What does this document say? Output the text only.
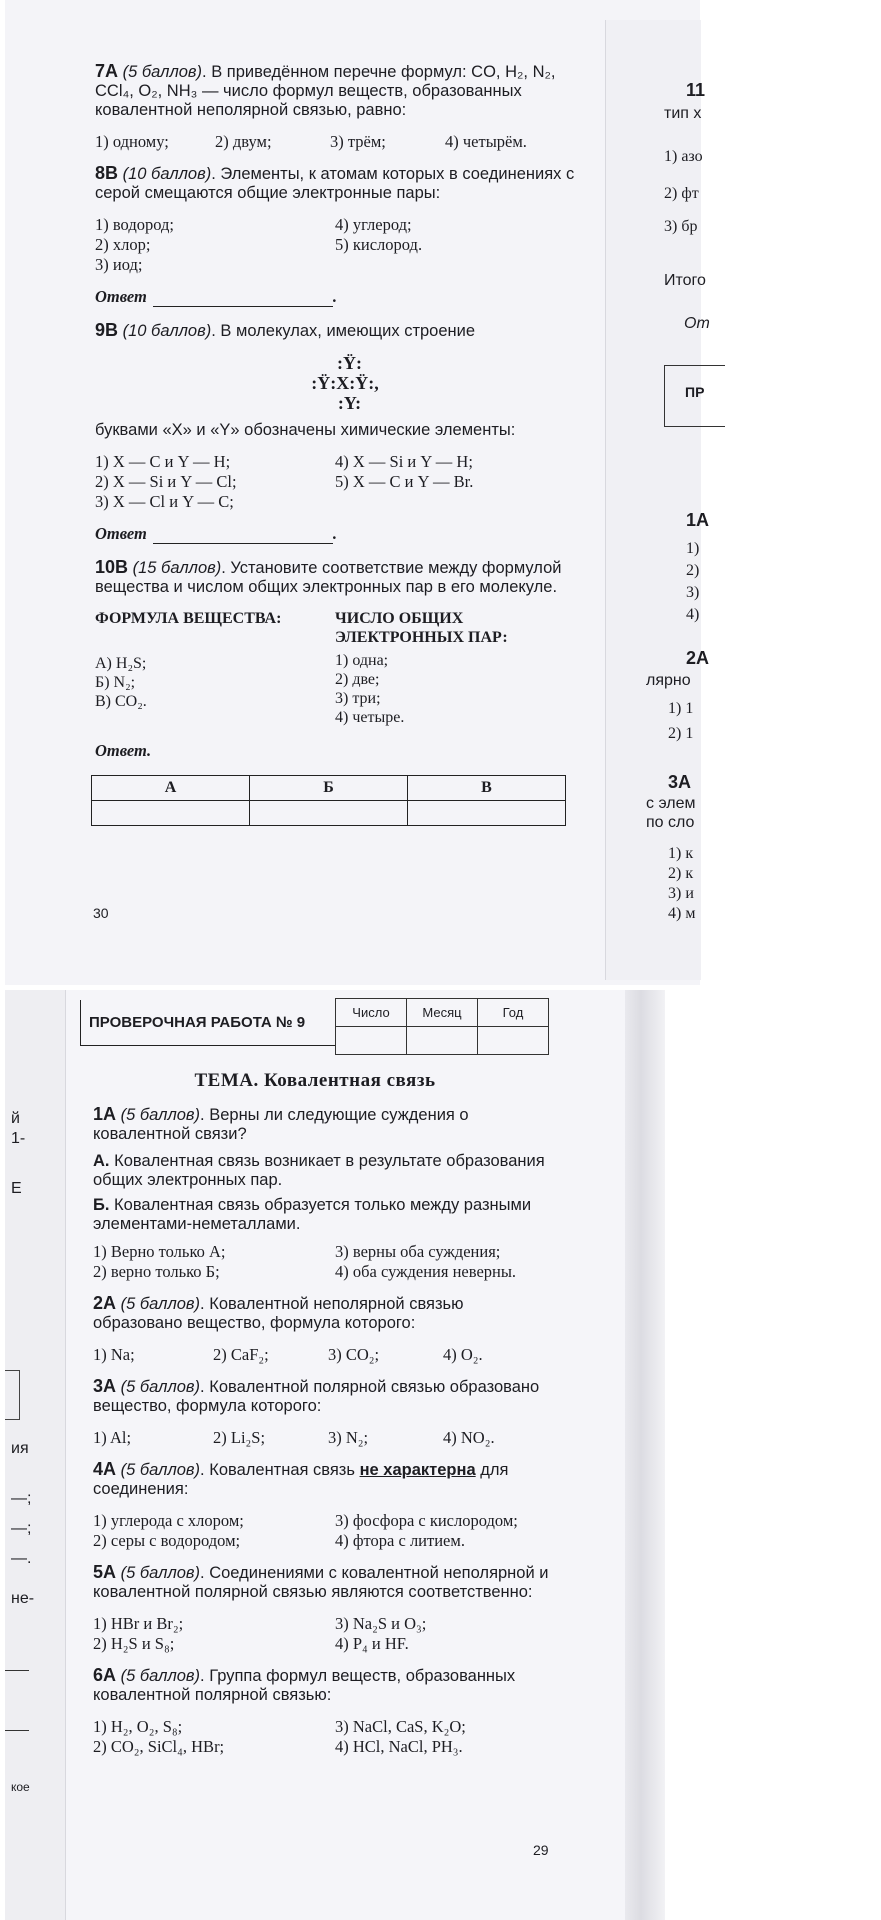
7A (5 баллов). В приведённом перечне формул: CO, H₂, N₂, CCl₄, O₂, NH₃ — число формул веществ, образованных ковалентной неполярной связью, равно:
1) одному;	2) двум;	3) трём;	4) четырём.
8B (10 баллов). Элементы, к атомам которых в соединениях с серой смещаются общие электронные пары:
1) водород;
2) хлор;
3) иод;
4) углерод;
5) кислород.
Ответ	.
9B (10 баллов). В молекулах, имеющих строение
:Ÿ:
:Ÿ:X:Ÿ:,
:Y:
буквами «X» и «Y» обозначены химические элементы:
1) X — C и Y — H;
2) X — Si и Y — Cl;
3) X — Cl и Y — C;
4) X — Si и Y — H;
5) X — C и Y — Br.
Ответ	.
10B (15 баллов). Установите соответствие между формулой вещества и числом общих электронных пар в его молекуле.
ФОРМУЛА ВЕЩЕСТВА:
А) H₂S;
Б) N₂;
В) CO₂.
ЧИСЛО ОБЩИХ ЭЛЕКТРОННЫХ ПАР:
1) одна;
2) две;
3) три;
4) четыре.
Ответ.
А	Б	В

30
11
тип х
1) азо
2) фт
3) бр
Итого
От
ПР
1А
1)
2)
3)
4)
2А
лярно
1) 1
2) 1
3А
с элем
по сло
1) к
2) к
3) и
4) м
й
1-
Е
ия
—;
—;
—.
не-
кое
ПРОВЕРОЧНАЯ РАБОТА № 9
Число	Месяц	Год

ТЕМА. Ковалентная связь
1A (5 баллов). Верны ли следующие суждения о ковалентной связи?
А. Ковалентная связь возникает в результате образования общих электронных пар.
Б. Ковалентная связь образуется только между разными элементами-неметаллами.
1) Верно только А;
2) верно только Б;
3) верны оба суждения;
4) оба суждения неверны.
2A (5 баллов). Ковалентной неполярной связью образовано вещество, формула которого:
1) Na;	2) CaF₂;	3) CO₂;	4) O₂.
3A (5 баллов). Ковалентной полярной связью образовано вещество, формула которого:
1) Al;	2) Li₂S;	3) N₂;	4) NO₂.
4A (5 баллов). Ковалентная связь не характерна для соединения:
1) углерода с хлором;
2) серы с водородом;
3) фосфора с кислородом;
4) фтора с литием.
5A (5 баллов). Соединениями с ковалентной неполярной и ковалентной полярной связью являются соответственно:
1) HBr и Br₂;
2) H₂S и S₈;
3) Na₂S и O₃;
4) P₄ и HF.
6A (5 баллов). Группа формул веществ, образованных ковалентной полярной связью:
1) H₂, O₂, S₈;
2) CO₂, SiCl₄, HBr;
3) NaCl, CaS, K₂O;
4) HCl, NaCl, PH₃.
29
